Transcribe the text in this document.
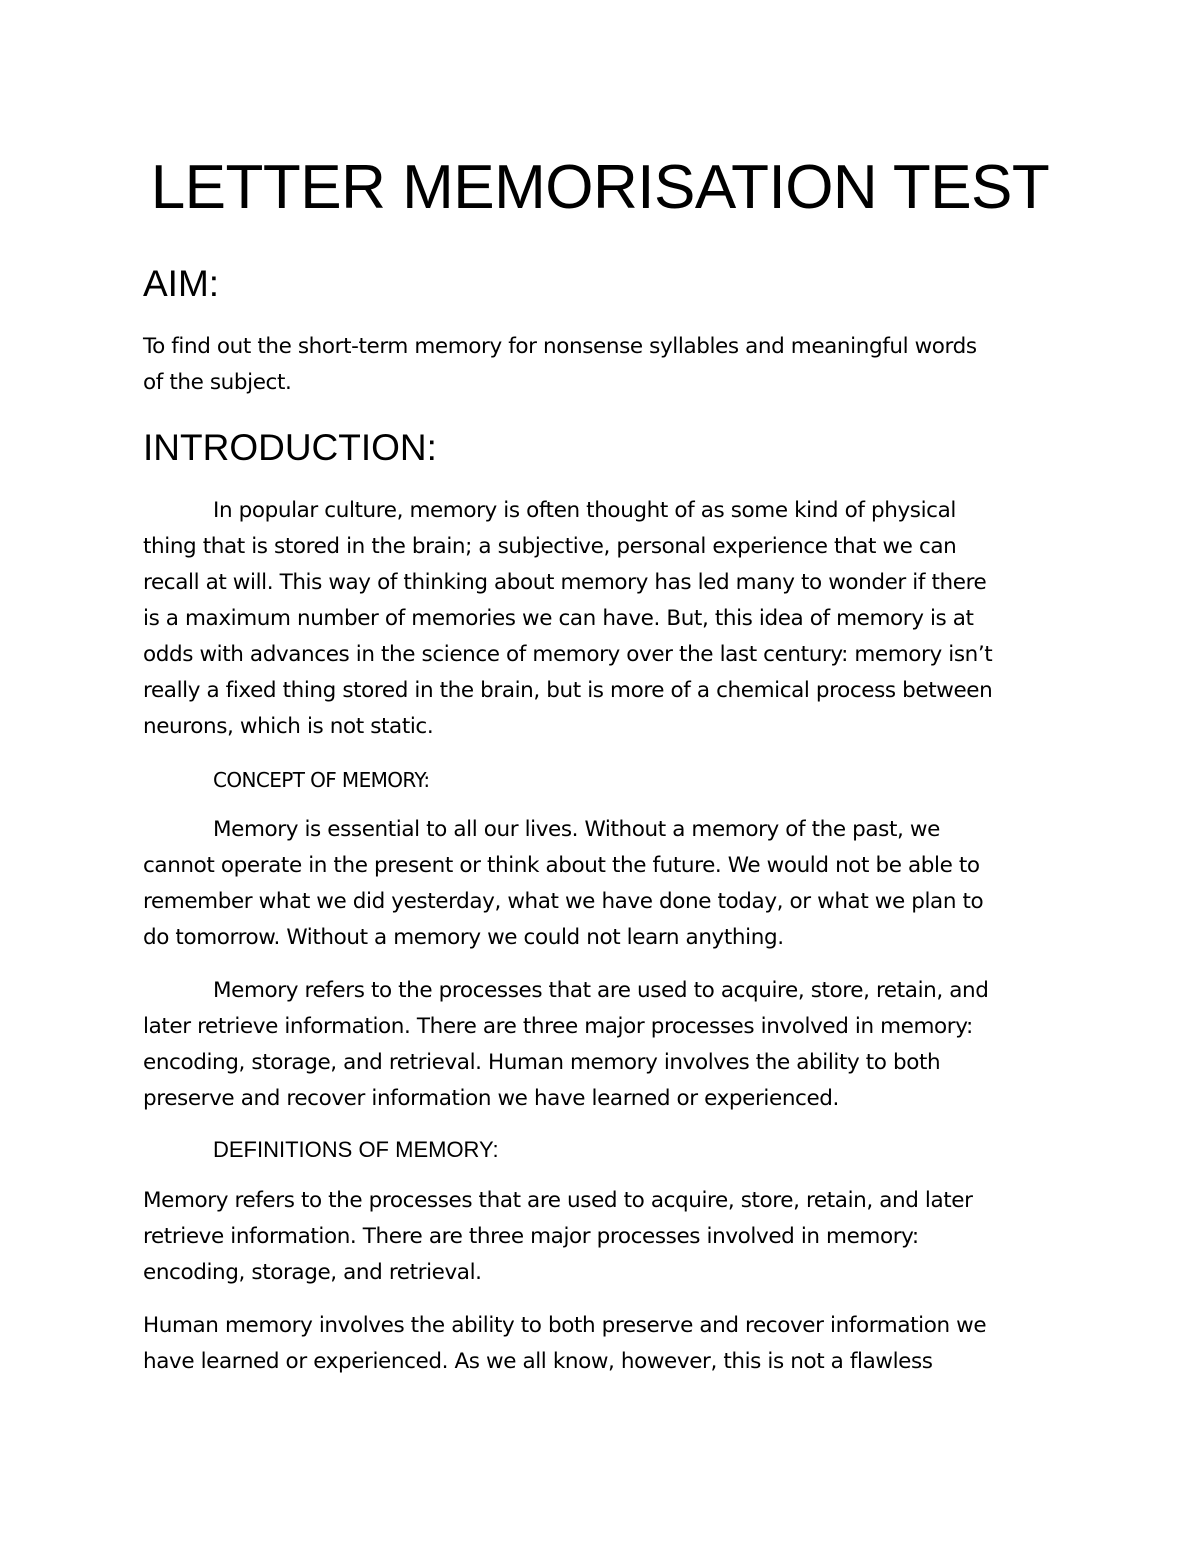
LETTER MEMORISATION TEST
AIM:

To find out the short-term memory for nonsense syllables and meaningful words
of the subject.

INTRODUCTION:

In popular culture, memory is often thought of as some kind of physical
thing that is stored in the brain; a subjective, personal experience that we can
recall at will. This way of thinking about memory has led many to wonder if there
is a maximum number of memories we can have. But, this idea of memory is at
odds with advances in the science of memory over the last century: memory isn’t
really a fixed thing stored in the brain, but is more of a chemical process between
neurons, which is not static.

CONCEPT OF MEMORY:

Memory is essential to all our lives. Without a memory of the past, we
cannot operate in the present or think about the future. We would not be able to
remember what we did yesterday, what we have done today, or what we plan to
do tomorrow. Without a memory we could not learn anything.

Memory refers to the processes that are used to acquire, store, retain, and
later retrieve information. There are three major processes involved in memory:
encoding, storage, and retrieval. Human memory involves the ability to both
preserve and recover information we have learned or experienced.

DEFINITIONS OF MEMORY:

Memory refers to the processes that are used to acquire, store, retain, and later
retrieve information. There are three major processes involved in memory:
encoding, storage, and retrieval.

Human memory involves the ability to both preserve and recover information we
have learned or experienced. As we all know, however, this is not a flawless
